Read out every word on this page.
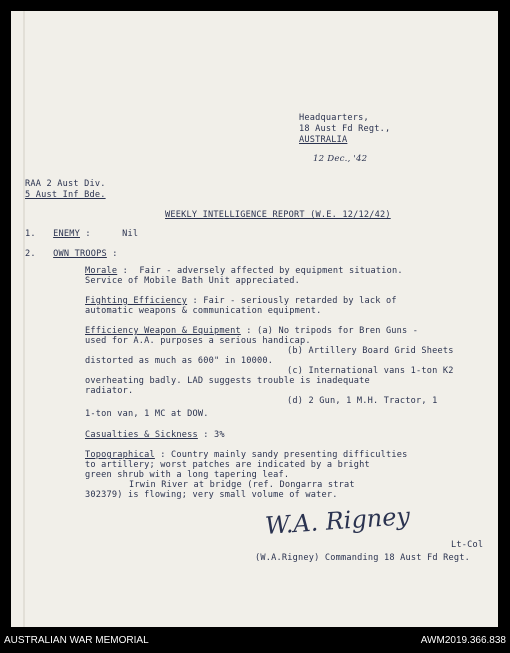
Headquarters,
18 Aust Fd Regt.,
AUSTRALIA
12 Dec., '42
RAA 2 Aust Div.
5 Aust Inf Bde.
WEEKLY INTELLIGENCE REPORT (W.E. 12/12/42)
1. ENEMY :	Nil
2. OWN TROOPS :
Morale : Fair - adversely affected by equipment situation.
Service of Mobile Bath Unit appreciated.
Fighting Efficiency : Fair - seriously retarded by lack of
automatic weapons & communication equipment.
Efficiency Weapon & Equipment : (a) No tripods for Bren Guns -
used for A.A. purposes a serious handicap.
(b) Artillery Board Grid Sheets
distorted as much as 600" in 10000.
(c) International vans 1-ton K2
overheating badly. LAD suggests trouble is inadequate
radiator.
(d) 2 Gun, 1 M.H. Tractor, 1
1-ton van, 1 MC at DOW.
Casualties & Sickness : 3%
Topographical : Country mainly sandy presenting difficulties
to artillery; worst patches are indicated by a bright
green shrub with a long tapering leaf.
Irwin River at bridge (ref. Dongarra strat
302379) is flowing; very small volume of water.
W.A. Rigney
Lt-Col
(W.A.Rigney) Commanding 18 Aust Fd Regt.
AUSTRALIAN WAR MEMORIAL	AWM2019.366.838
